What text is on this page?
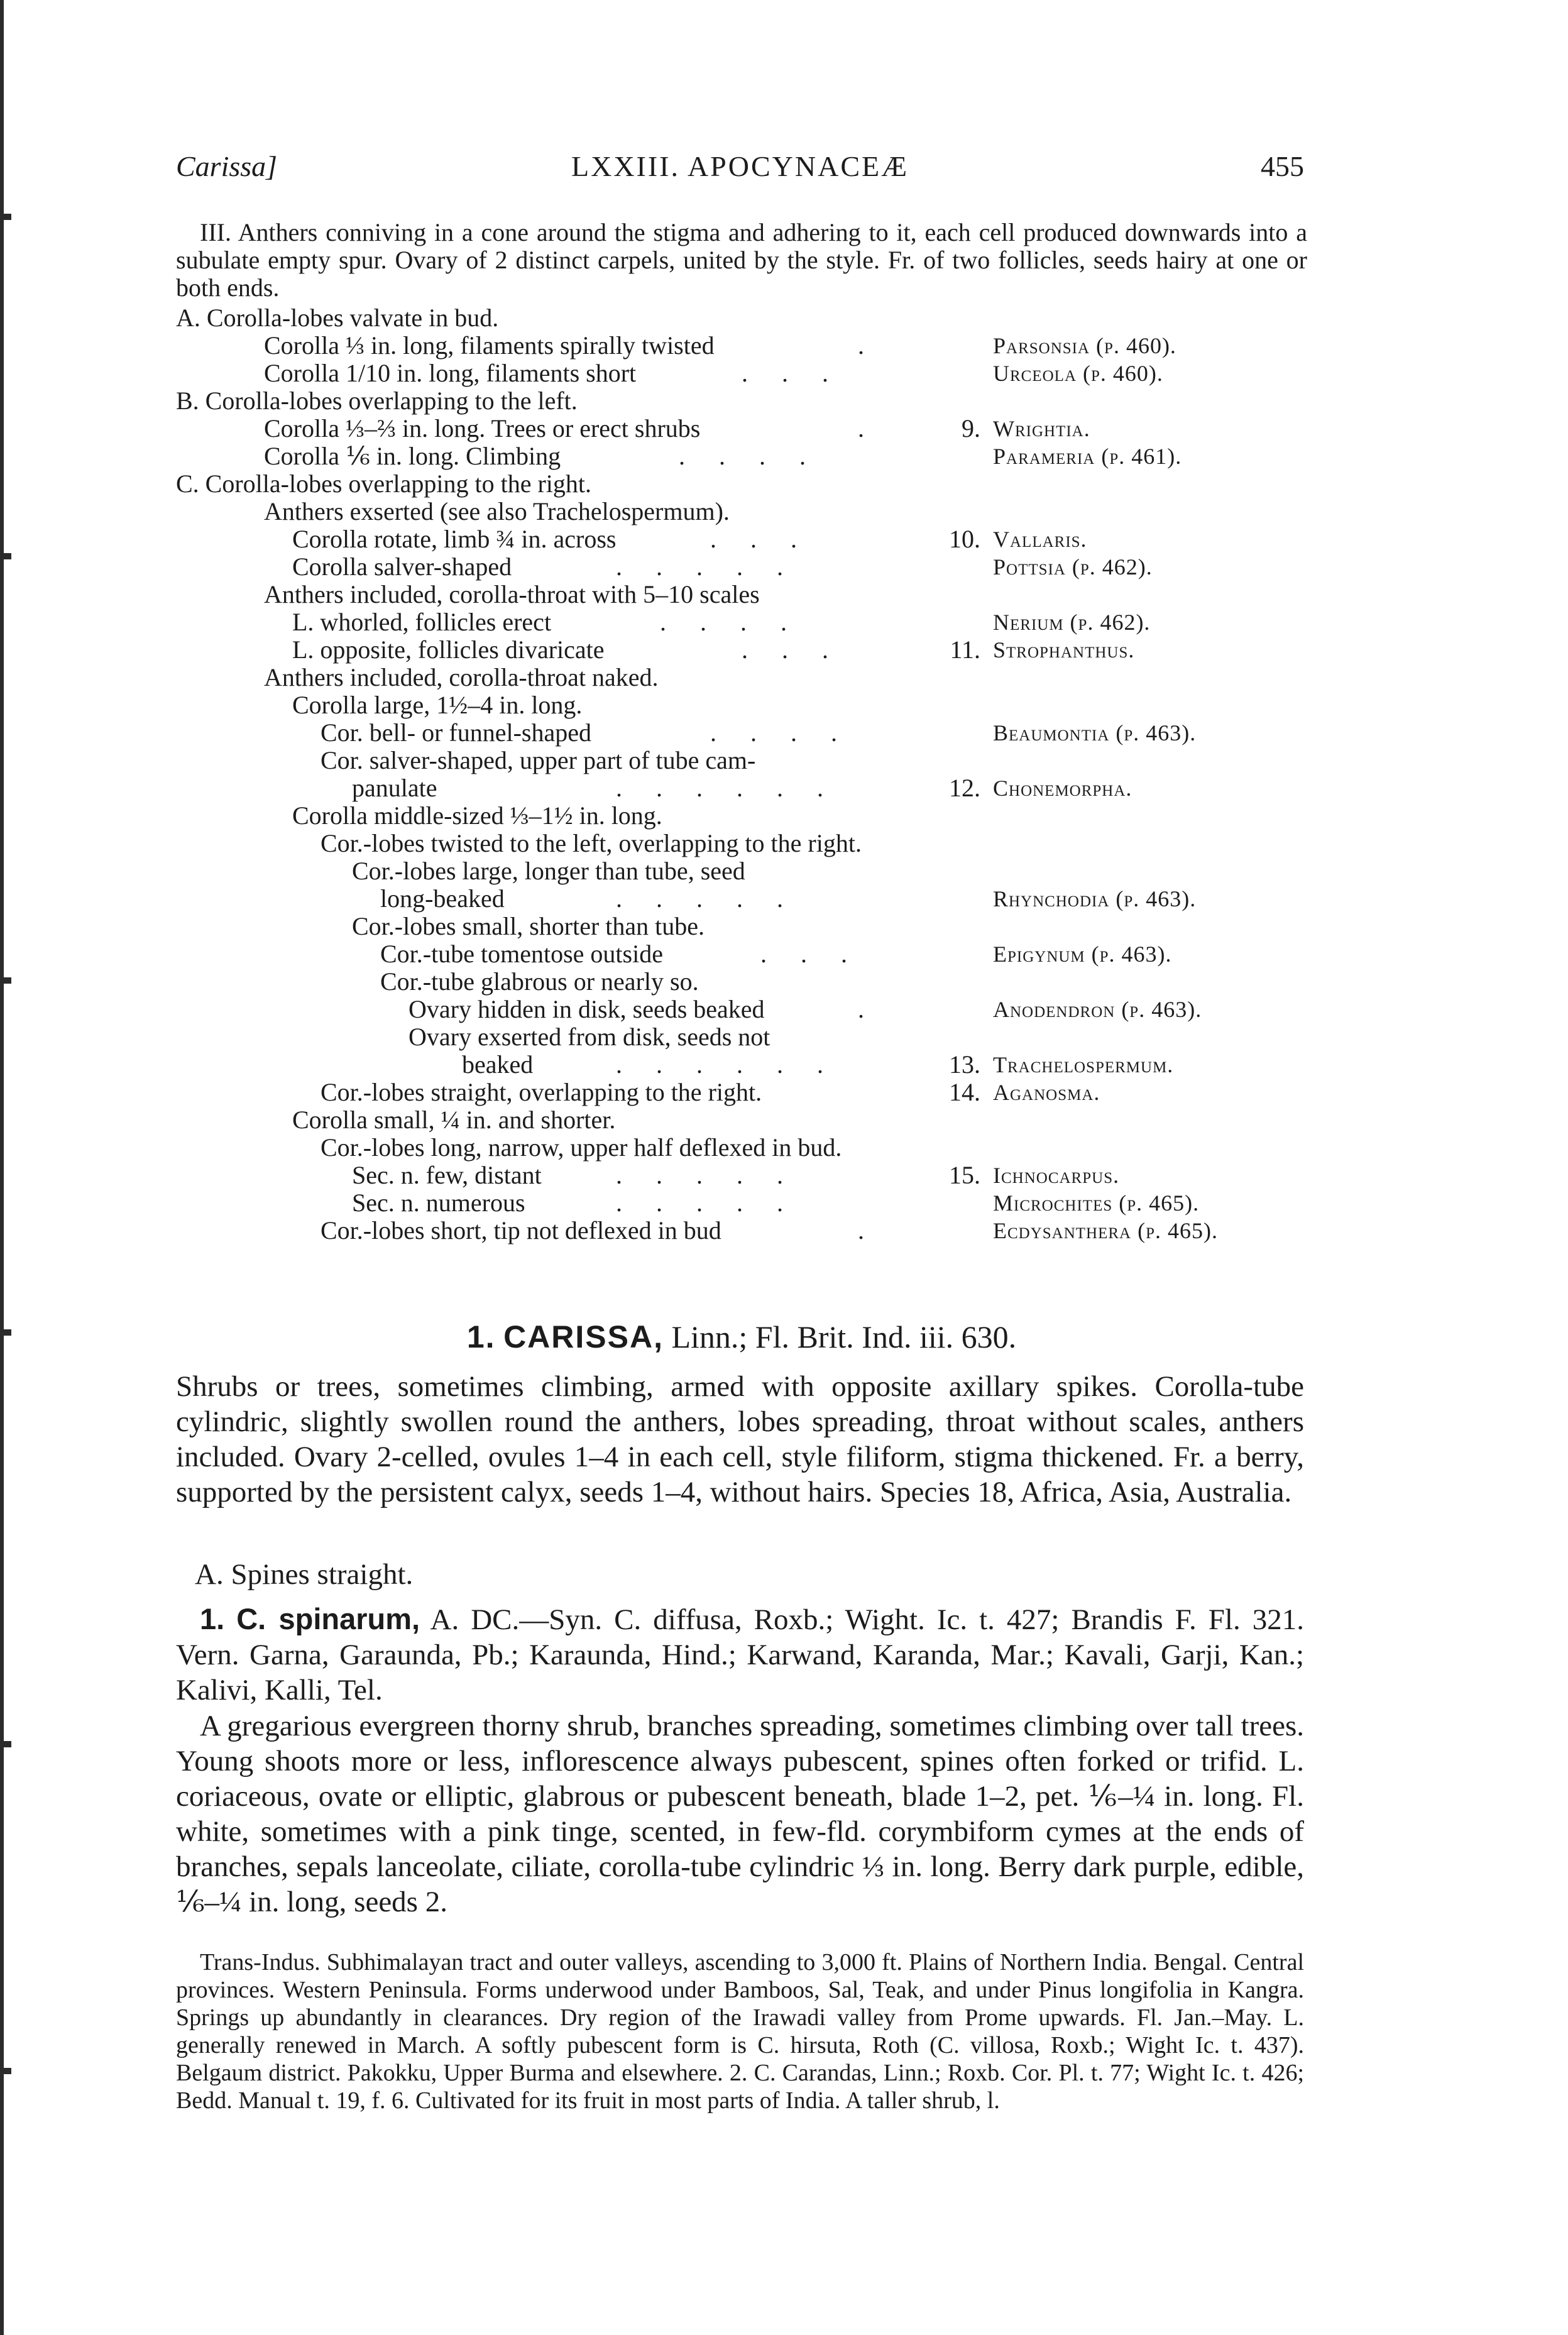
Carissa]	LXXIII. APOCYNACEÆ	455

III. Anthers conniving in a cone around the stigma and adhering to it, each cell produced downwards into a subulate empty spur. Ovary of 2 distinct carpels, united by the style. Fr. of two follicles, seeds hairy at one or both ends.

A. Corolla-lobes valvate in bud.
Corolla ⅓ in. long, filaments spirally twisted	.	Parsonsia (p. 460).
Corolla 1/10 in. long, filaments short	. . .	Urceola (p. 460).
B. Corolla-lobes overlapping to the left.
Corolla ⅓–⅔ in. long. Trees or erect shrubs	.	9. Wrightia.
Corolla ⅙ in. long. Climbing	. . . .	Parameria (p. 461).
C. Corolla-lobes overlapping to the right.
Anthers exserted (see also Trachelospermum).
Corolla rotate, limb ¾ in. across	. . .	10. Vallaris.
Corolla salver-shaped	. . . . .	Pottsia (p. 462).
Anthers included, corolla-throat with 5–10 scales
L. whorled, follicles erect	. . . .	Nerium (p. 462).
L. opposite, follicles divaricate	. . .	11. Strophanthus.
Anthers included, corolla-throat naked.
Corolla large, 1½–4 in. long.
Cor. bell- or funnel-shaped	. . . .	Beaumontia (p. 463).
Cor. salver-shaped, upper part of tube cam-
panulate	. . . . . .	12. Chonemorpha.
Corolla middle-sized ⅓–1½ in. long.
Cor.-lobes twisted to the left, overlapping to the right.
Cor.-lobes large, longer than tube, seed
long-beaked	. . . . .	Rhynchodia (p. 463).
Cor.-lobes small, shorter than tube.
Cor.-tube tomentose outside	. . .	Epigynum (p. 463).
Cor.-tube glabrous or nearly so.
Ovary hidden in disk, seeds beaked	.	Anodendron (p. 463).
Ovary exserted from disk, seeds not
beaked	. . . . . .	13. Trachelospermum.
Cor.-lobes straight, overlapping to the right.	14. Aganosma.
Corolla small, ¼ in. and shorter.
Cor.-lobes long, narrow, upper half deflexed in bud.
Sec. n. few, distant	. . . . .	15. Ichnocarpus.
Sec. n. numerous	. . . . .	Microchites (p. 465).
Cor.-lobes short, tip not deflexed in bud	.	Ecdysanthera (p. 465).
1. CARISSA, Linn.; Fl. Brit. Ind. iii. 630.

Shrubs or trees, sometimes climbing, armed with opposite axillary spikes. Corolla-tube cylindric, slightly swollen round the anthers, lobes spreading, throat without scales, anthers included. Ovary 2-celled, ovules 1–4 in each cell, style filiform, stigma thickened. Fr. a berry, supported by the persistent calyx, seeds 1–4, without hairs. Species 18, Africa, Asia, Australia.

A. Spines straight.

1. C. spinarum, A. DC.—Syn. C. diffusa, Roxb.; Wight. Ic. t. 427; Brandis F. Fl. 321. Vern. Garna, Garaunda, Pb.; Karaunda, Hind.; Karwand, Karanda, Mar.; Kavali, Garji, Kan.; Kalivi, Kalli, Tel.

A gregarious evergreen thorny shrub, branches spreading, sometimes climbing over tall trees. Young shoots more or less, inflorescence always pubescent, spines often forked or trifid. L. coriaceous, ovate or elliptic, glabrous or pubescent beneath, blade 1–2, pet. ⅙–¼ in. long. Fl. white, sometimes with a pink tinge, scented, in few-fld. corymbiform cymes at the ends of branches, sepals lanceolate, ciliate, corolla-tube cylindric ⅓ in. long. Berry dark purple, edible, ⅙–¼ in. long, seeds 2.

Trans-Indus. Subhimalayan tract and outer valleys, ascending to 3,000 ft. Plains of Northern India. Bengal. Central provinces. Western Peninsula. Forms underwood under Bamboos, Sal, Teak, and under Pinus longifolia in Kangra. Springs up abundantly in clearances. Dry region of the Irawadi valley from Prome upwards. Fl. Jan.–May. L. generally renewed in March. A softly pubescent form is C. hirsuta, Roth (C. villosa, Roxb.; Wight Ic. t. 437). Belgaum district. Pakokku, Upper Burma and elsewhere. 2. C. Carandas, Linn.; Roxb. Cor. Pl. t. 77; Wight Ic. t. 426; Bedd. Manual t. 19, f. 6. Cultivated for its fruit in most parts of India. A taller shrub, l.
